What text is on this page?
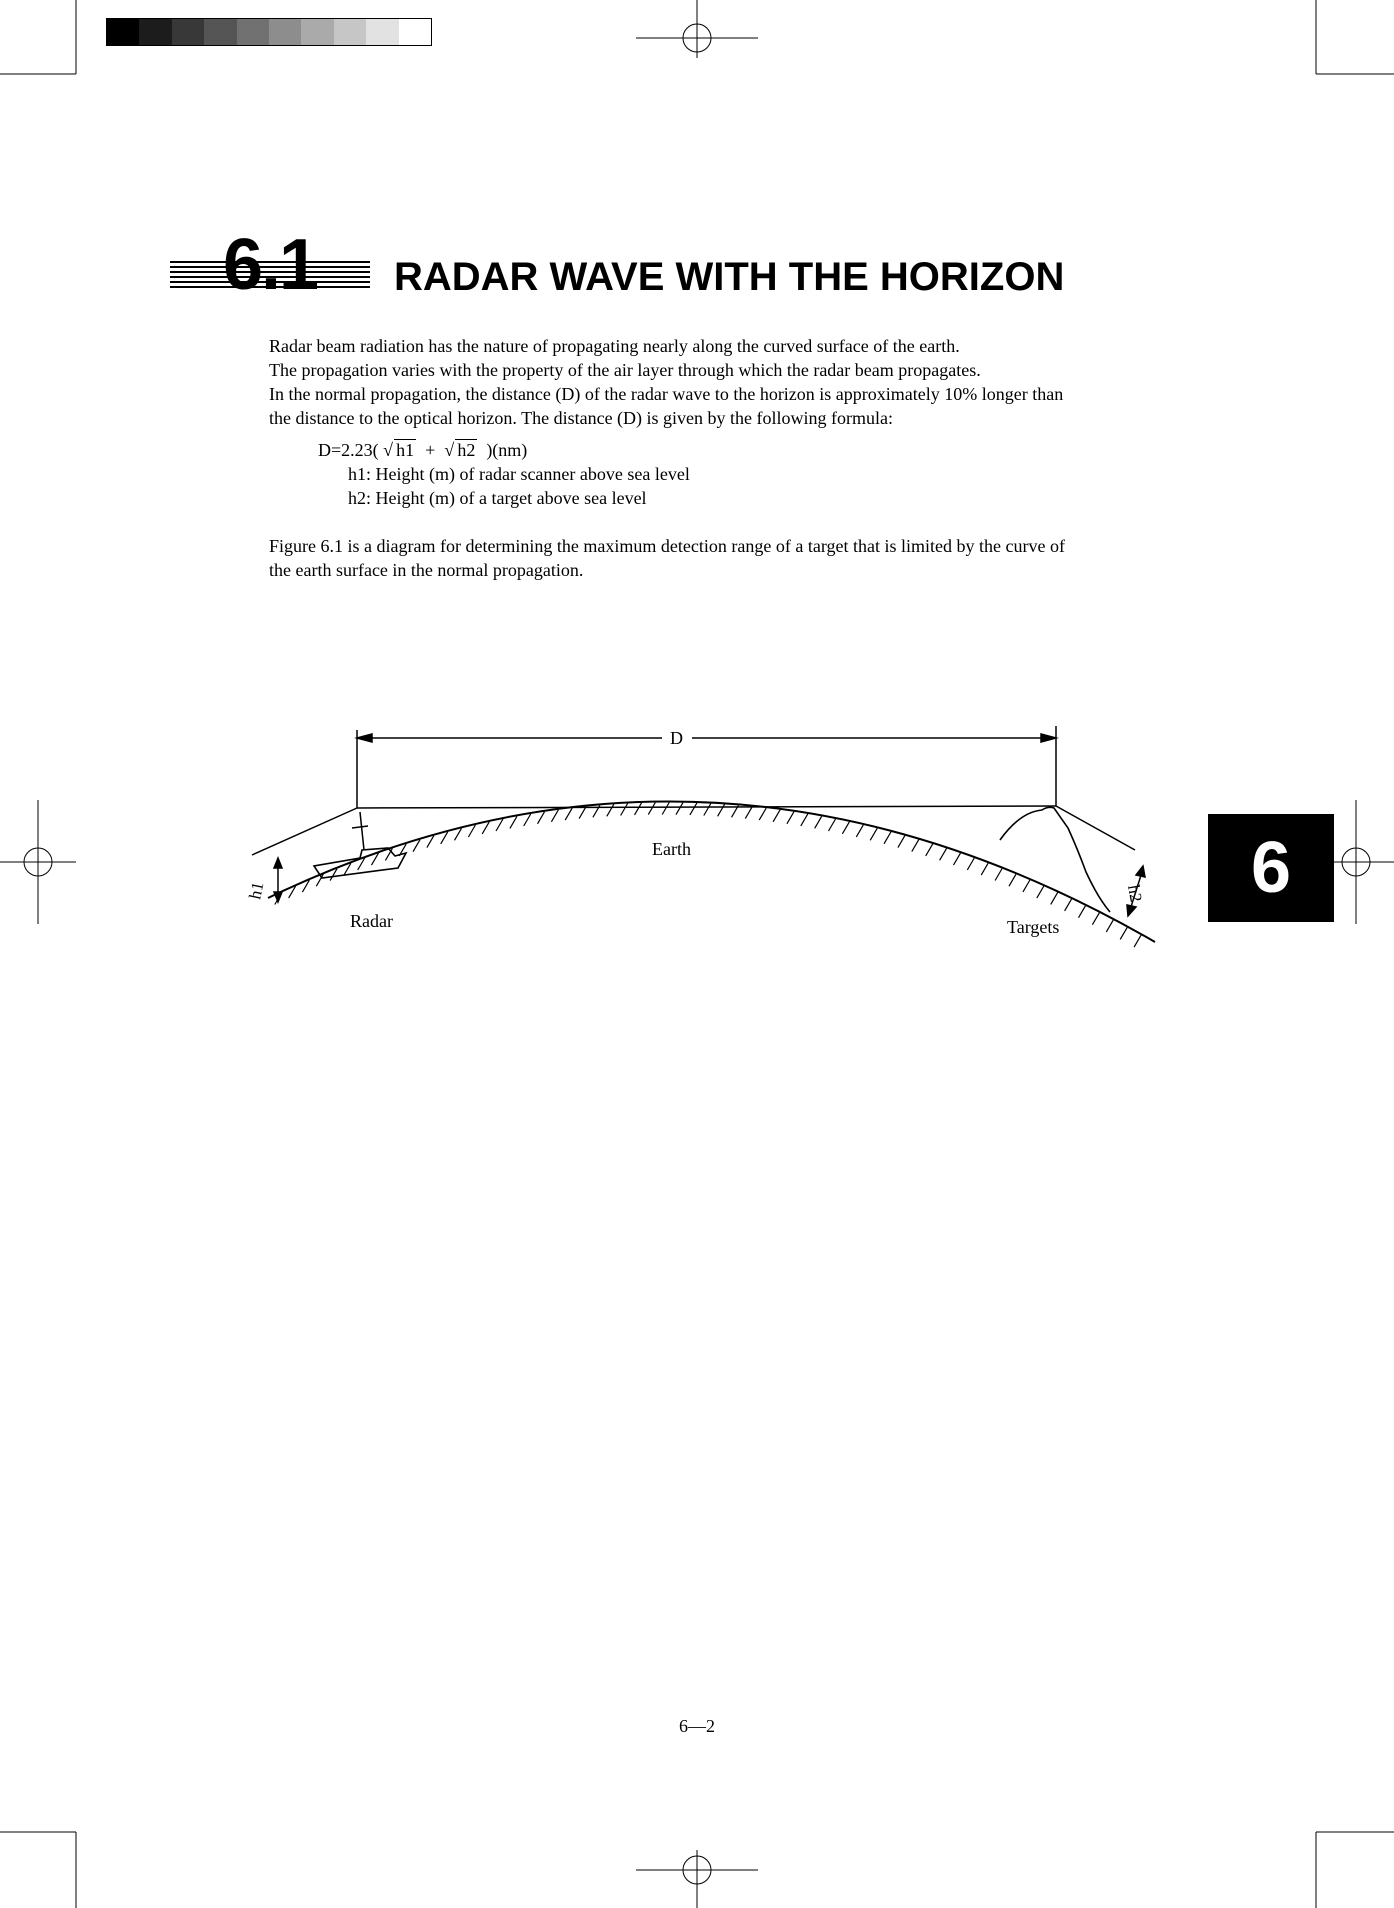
6.1	RADAR WAVE WITH THE HORIZON
Radar beam radiation has the nature of propagating nearly along the curved surface of the earth.
The propagation varies with the property of the air layer through which the radar beam propagates.
In the normal propagation, the distance (D) of the radar wave to the horizon is approximately 10% longer than
the distance to the optical horizon. The distance (D) is given by the following formula:
D=2.23( √ h1  + √ h2  )(nm)
h1: Height (m) of radar scanner above sea level
h2: Height (m) of a target above sea level
Figure 6.1 is a diagram for determining the maximum detection range of a target that is limited by the curve of
the earth surface in the normal propagation.
D
h1	h2
Earth
Radar	Targets
6
6—2
